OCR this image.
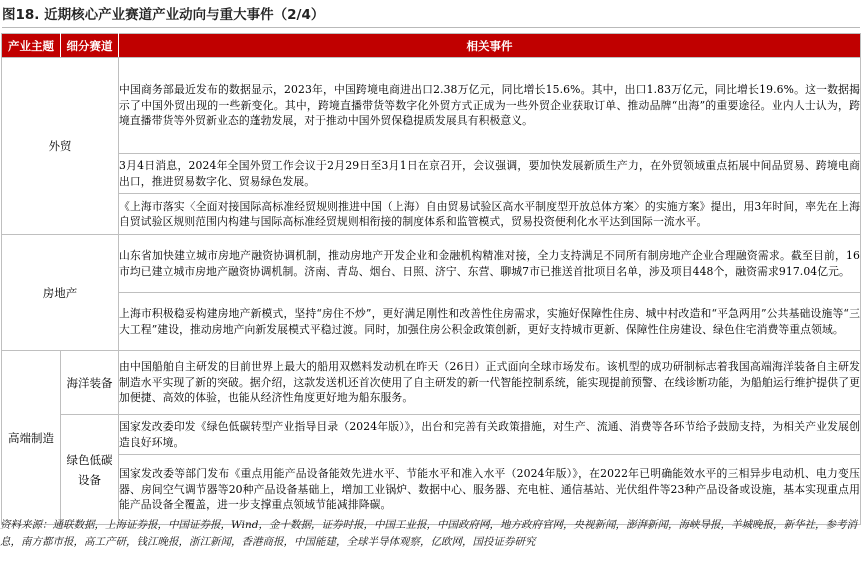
图18. 近期核心产业赛道产业动向与重大事件（2/4）
产业主题	细分赛道	相关事件
外贸		中国商务部最近发布的数据显示，2023年，中国跨境电商进出口2.38万亿元，同比增长15.6%。其中，出口1.83万亿元，同比增长19.6%。这一数据揭示了中国外贸出现的一些新变化。其中，跨境直播带货等数字化外贸方式正成为一些外贸企业获取订单、推动品牌“出海”的重要途径。业内人士认为，跨境直播带货等外贸新业态的蓬勃发展，对于推动中国外贸保稳提质发展具有积极意义。
		3月4日消息，2024年全国外贸工作会议于2月29日至3月1日在京召开，会议强调，要加快发展新质生产力，在外贸领域重点拓展中间品贸易、跨境电商出口，推进贸易数字化、贸易绿色发展。
		《上海市落实〈全面对接国际高标准经贸规则推进中国（上海）自由贸易试验区高水平制度型开放总体方案〉的实施方案》提出，用3年时间，率先在上海自贸试验区规则范围内构建与国际高标准经贸规则相衔接的制度体系和监管模式，贸易投资便利化水平达到国际一流水平。
房地产		山东省加快建立城市房地产融资协调机制，推动房地产开发企业和金融机构精准对接，全力支持满足不同所有制房地产企业合理融资需求。截至目前，16市均已建立城市房地产融资协调机制。济南、青岛、烟台、日照、济宁、东营、聊城7市已推送首批项目名单，涉及项目448个，融资需求917.04亿元。
		上海市积极稳妥构建房地产新模式，坚持“房住不炒”，更好满足刚性和改善性住房需求，实施好保障性住房、城中村改造和“平急两用”公共基础设施等“三大工程”建设，推动房地产向新发展模式平稳过渡。同时，加强住房公积金政策创新，更好支持城市更新、保障性住房建设、绿色住宅消费等重点领域。
高端制造	海洋装备	由中国船舶自主研发的目前世界上最大的船用双燃料发动机在昨天（26日）正式面向全球市场发布。该机型的成功研制标志着我国高端海洋装备自主研发制造水平实现了新的突破。据介绍，这款发送机还首次使用了自主研发的新一代智能控制系统，能实现提前预警、在线诊断功能，为船舶运行维护提供了更加便捷、高效的体验，也能从经济性角度更好地为船东服务。
	绿色低碳设备	国家发改委印发《绿色低碳转型产业指导目录（2024年版）》，出台和完善有关政策措施，对生产、流通、消费等各环节给予鼓励支持，为相关产业发展创造良好环境。
		国家发改委等部门发布《重点用能产品设备能效先进水平、节能水平和准入水平（2024年版）》，在2022年已明确能效水平的三相异步电动机、电力变压器、房间空气调节器等20种产品设备基础上，增加工业锅炉、数据中心、服务器、充电桩、通信基站、光伏组件等23种产品设备或设施，基本实现重点用能产品设备全覆盖，进一步支撑重点领域节能减排降碳。
资料来源：通联数据，上海证券报，中国证券报，Wind，金十数据，证券时报，中国工业报，中国政府网，地方政府官网，央视新闻，澎湃新闻，海峡导报，羊城晚报，新华社，参考消息，南方都市报，高工产研，钱江晚报，浙江新闻，香港商报，中国能建，全球半导体观察，亿欧网，国投证券研究
